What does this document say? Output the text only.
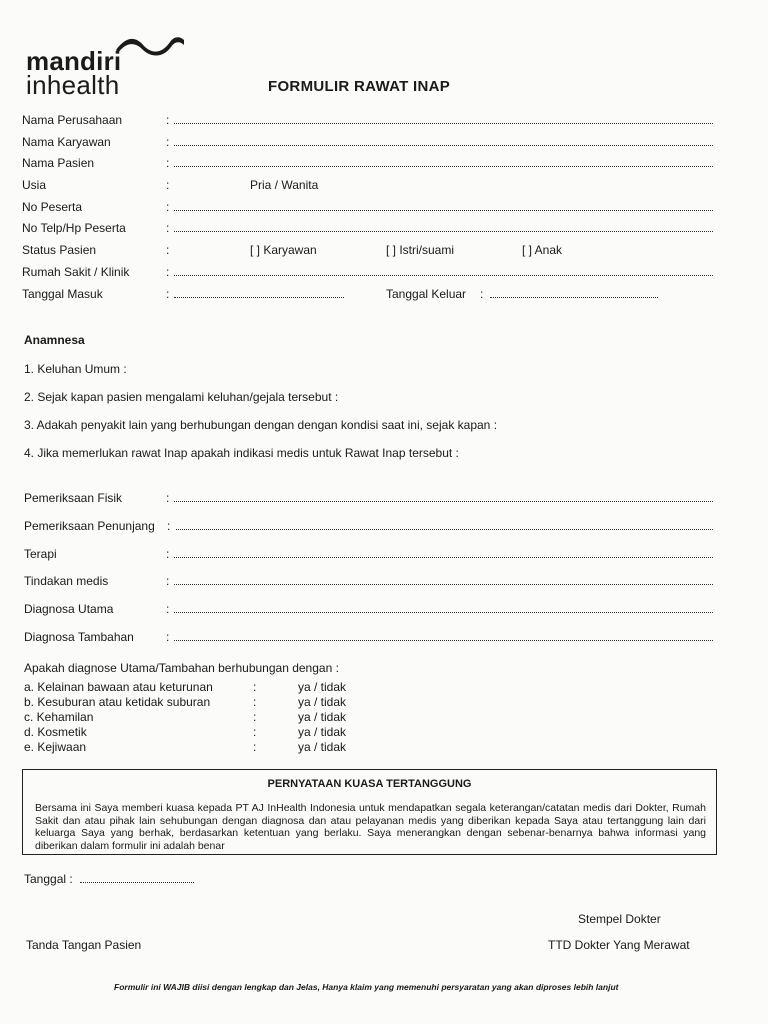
mandiri
inhealth	FORMULIR RAWAT INAP
Nama Perusahaan	:
Nama Karyawan	:
Nama Pasien	:
Usia	:	Pria / Wanita
No Peserta	:
No Telp/Hp Peserta	:
Status Pasien	:	[ ] Karyawan	[ ] Istri/suami	[ ] Anak
Rumah Sakit / Klinik	:
Tanggal Masuk	:	Tanggal Keluar :
Anamnesa
1. Keluhan Umum :
2. Sejak kapan pasien mengalami keluhan/gejala tersebut :
3. Adakah penyakit lain yang berhubungan dengan dengan kondisi saat ini, sejak kapan :
4. Jika memerlukan rawat Inap apakah indikasi medis untuk Rawat Inap tersebut :
Pemeriksaan Fisik	:
Pemeriksaan Penunjang :
Terapi	:
Tindakan medis	:
Diagnosa Utama	:
Diagnosa Tambahan	:
Apakah diagnose Utama/Tambahan berhubungan dengan :
a. Kelainan bawaan atau keturunan	:	ya / tidak
b. Kesuburan atau ketidak suburan	:	ya / tidak
c. Kehamilan	:	ya / tidak
d. Kosmetik	:	ya / tidak
e. Kejiwaan	:	ya / tidak
PERNYATAAN KUASA TERTANGGUNG
Bersama ini Saya memberi kuasa kepada PT AJ InHealth Indonesia untuk mendapatkan segala keterangan/catatan medis dari Dokter, Rumah Sakit dan atau pihak lain sehubungan dengan diagnosa dan atau pelayanan medis yang diberikan kepada Saya atau tertanggung lain dari keluarga Saya yang berhak, berdasarkan ketentuan yang berlaku. Saya menerangkan dengan sebenar-benarnya bahwa informasi yang diberikan dalam formulir ini adalah benar
Tanggal :
Stempel Dokter
Tanda Tangan Pasien	TTD Dokter Yang Merawat
Formulir ini WAJIB diisi dengan lengkap dan Jelas, Hanya klaim yang memenuhi persyaratan yang akan diproses lebih lanjut
